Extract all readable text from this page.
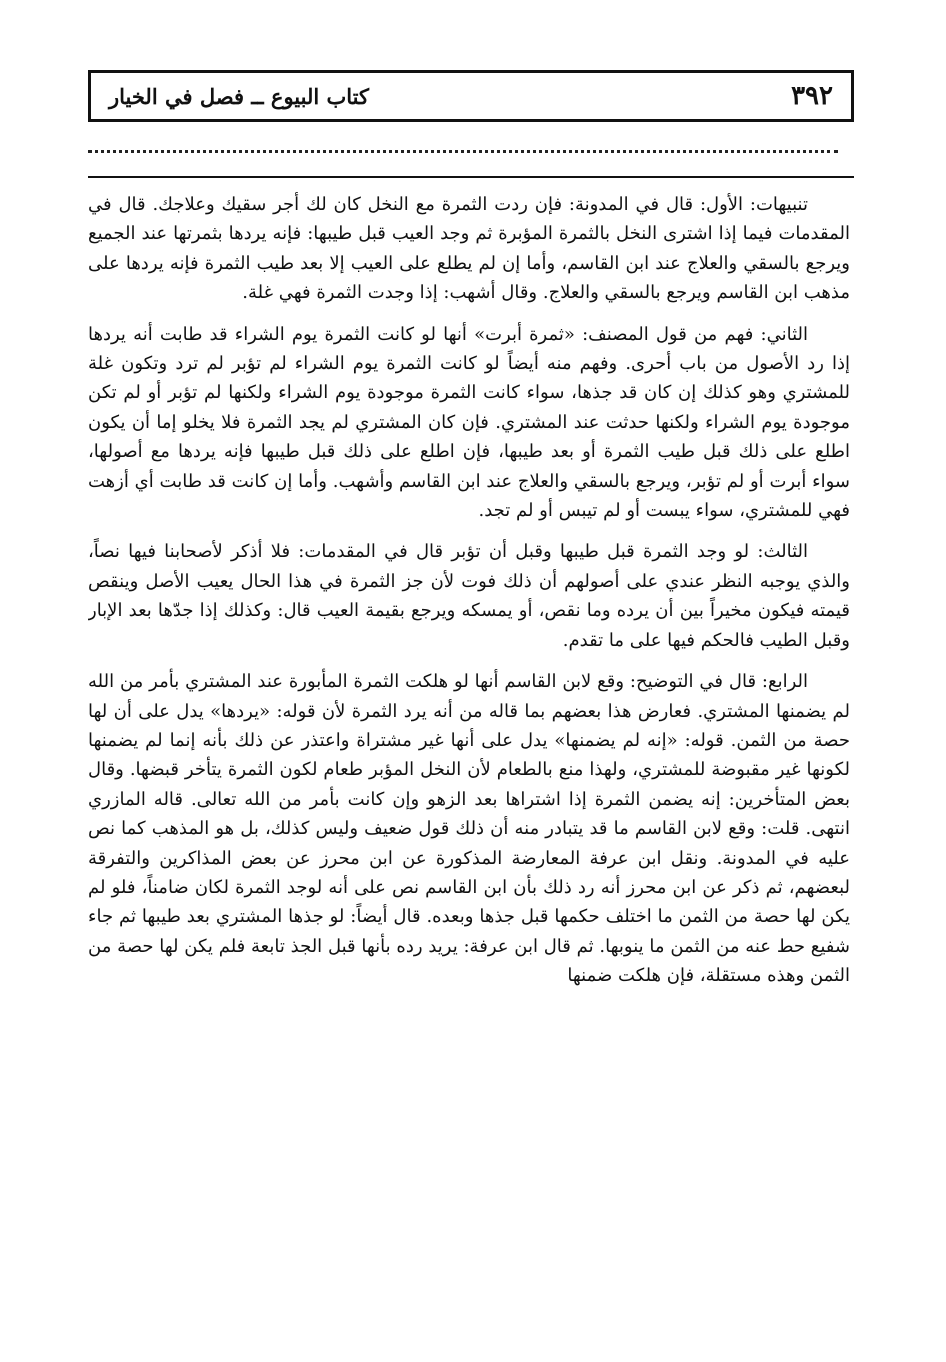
٣٩٢
كتاب البيوع ــ فصل في الخيار

تنبيهات: الأول: قال في المدونة: فإن ردت الثمرة مع النخل كان لك أجر سقيك وعلاجك. قال في المقدمات فيما إذا اشترى النخل بالثمرة المؤبرة ثم وجد العيب قبل طيبها: فإنه يردها بثمرتها عند الجميع ويرجع بالسقي والعلاج عند ابن القاسم، وأما إن لم يطلع على العيب إلا بعد طيب الثمرة فإنه يردها على مذهب ابن القاسم ويرجع بالسقي والعلاج. وقال أشهب: إذا وجدت الثمرة فهي غلة.

الثاني: فهم من قول المصنف: «ثمرة أبرت» أنها لو كانت الثمرة يوم الشراء قد طابت أنه يردها إذا رد الأصول من باب أحرى. وفهم منه أيضاً لو كانت الثمرة يوم الشراء لم تؤبر لم ترد وتكون غلة للمشتري وهو كذلك إن كان قد جذها، سواء كانت الثمرة موجودة يوم الشراء ولكنها لم تؤبر أو لم تكن موجودة يوم الشراء ولكنها حدثت عند المشتري. فإن كان المشتري لم يجد الثمرة فلا يخلو إما أن يكون اطلع على ذلك قبل طيب الثمرة أو بعد طيبها، فإن اطلع على ذلك قبل طيبها فإنه يردها مع أصولها، سواء أبرت أو لم تؤبر، ويرجع بالسقي والعلاج عند ابن القاسم وأشهب. وأما إن كانت قد طابت أي أزهت فهي للمشتري، سواء يبست أو لم تيبس أو لم تجد.

الثالث: لو وجد الثمرة قبل طيبها وقبل أن تؤبر قال في المقدمات: فلا أذكر لأصحابنا فيها نصاً، والذي يوجبه النظر عندي على أصولهم أن ذلك فوت لأن جز الثمرة في هذا الحال يعيب الأصل وينقص قيمته فيكون مخيراً بين أن يرده وما نقص، أو يمسكه ويرجع بقيمة العيب قال: وكذلك إذا جدّها بعد الإبار وقبل الطيب فالحكم فيها على ما تقدم.

الرابع: قال في التوضيح: وقع لابن القاسم أنها لو هلكت الثمرة المأبورة عند المشتري بأمر من الله لم يضمنها المشتري. فعارض هذا بعضهم بما قاله من أنه يرد الثمرة لأن قوله: «يردها» يدل على أن لها حصة من الثمن. قوله: «إنه لم يضمنها» يدل على أنها غير مشتراة واعتذر عن ذلك بأنه إنما لم يضمنها لكونها غير مقبوضة للمشتري، ولهذا منع بالطعام لأن النخل المؤبر طعام لكون الثمرة يتأخر قبضها. وقال بعض المتأخرين: إنه يضمن الثمرة إذا اشتراها بعد الزهو وإن كانت بأمر من الله تعالى. قاله المازري انتهى. قلت: وقع لابن القاسم ما قد يتبادر منه أن ذلك قول ضعيف وليس كذلك، بل هو المذهب كما نص عليه في المدونة. ونقل ابن عرفة المعارضة المذكورة عن ابن محرز عن بعض المذاكرين والتفرقة لبعضهم، ثم ذكر عن ابن محرز أنه رد ذلك بأن ابن القاسم نص على أنه لوجد الثمرة لكان ضامناً، فلو لم يكن لها حصة من الثمن ما اختلف حكمها قبل جذها وبعده. قال أيضاً: لو جذها المشتري بعد طيبها ثم جاء شفيع حط عنه من الثمن ما ينوبها. ثم قال ابن عرفة: يريد رده بأنها قبل الجذ تابعة فلم يكن لها حصة من الثمن وهذه مستقلة، فإن هلكت ضمنها
